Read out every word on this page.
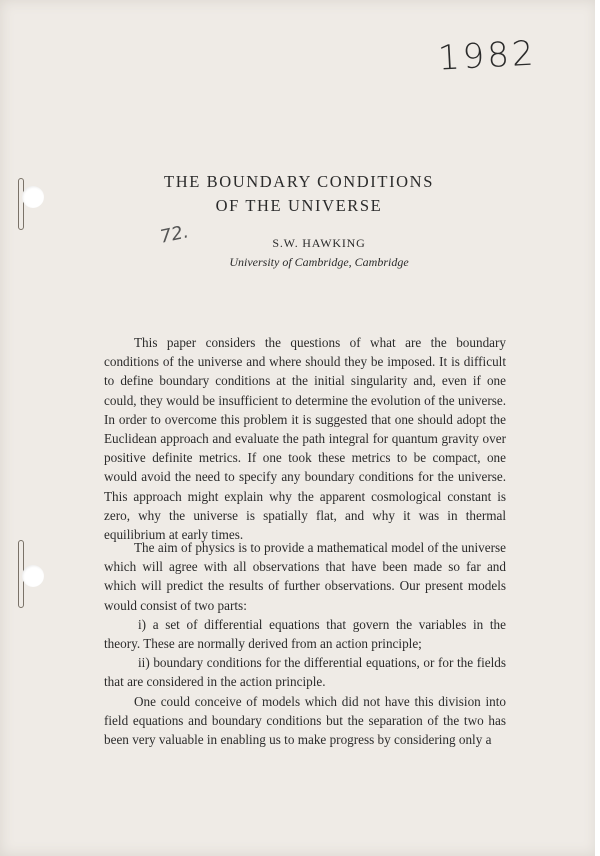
1982
THE BOUNDARY CONDITIONS
OF THE UNIVERSE
72.	S.W. HAWKING
University of Cambridge, Cambridge
This paper considers the questions of what are the boundary conditions of the universe and where should they be imposed. It is difficult to define boundary conditions at the initial singularity and, even if one could, they would be insufficient to determine the evolution of the universe. In order to overcome this problem it is suggested that one should adopt the Euclidean approach and evaluate the path integral for quantum gravity over positive definite metrics. If one took these metrics to be compact, one would avoid the need to specify any boundary conditions for the universe. This approach might explain why the apparent cosmological constant is zero, why the universe is spatially flat, and why it was in thermal equilibrium at early times.
The aim of physics is to provide a mathematical model of the universe which will agree with all observations that have been made so far and which will predict the results of further observations. Our present models would consist of two parts:
i) a set of differential equations that govern the variables in the theory. These are normally derived from an action principle;
ii) boundary conditions for the differential equations, or for the fields that are considered in the action principle.
One could conceive of models which did not have this division into field equations and boundary conditions but the separation of the two has been very valuable in enabling us to make progress by considering only a
